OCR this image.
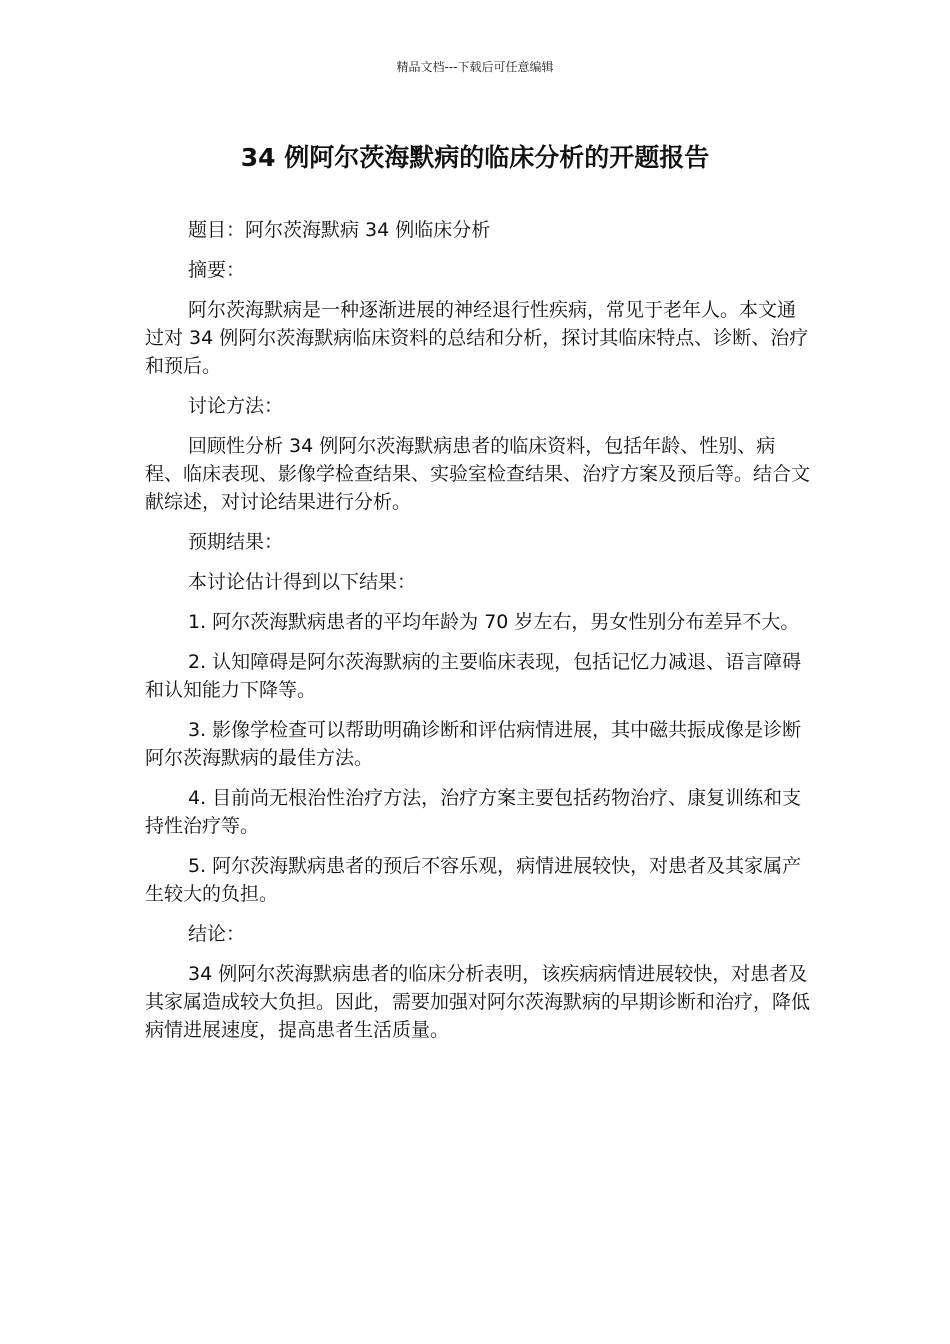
精品文档---下载后可任意编辑
34 例阿尔茨海默病的临床分析的开题报告

题目：阿尔茨海默病 34 例临床分析

摘要：

阿尔茨海默病是一种逐渐进展的神经退行性疾病，常见于老年人。本文通过对 34 例阿尔茨海默病临床资料的总结和分析，探讨其临床特点、诊断、治疗和预后。

讨论方法：

回顾性分析 34 例阿尔茨海默病患者的临床资料，包括年龄、性别、病程、临床表现、影像学检查结果、实验室检查结果、治疗方案及预后等。结合文献综述，对讨论结果进行分析。

预期结果：

本讨论估计得到以下结果：

1. 阿尔茨海默病患者的平均年龄为 70 岁左右，男女性别分布差异不大。

2. 认知障碍是阿尔茨海默病的主要临床表现，包括记忆力减退、语言障碍和认知能力下降等。

3. 影像学检查可以帮助明确诊断和评估病情进展，其中磁共振成像是诊断阿尔茨海默病的最佳方法。

4. 目前尚无根治性治疗方法，治疗方案主要包括药物治疗、康复训练和支持性治疗等。

5. 阿尔茨海默病患者的预后不容乐观，病情进展较快，对患者及其家属产生较大的负担。

结论：

34 例阿尔茨海默病患者的临床分析表明，该疾病病情进展较快，对患者及其家属造成较大负担。因此，需要加强对阿尔茨海默病的早期诊断和治疗，降低病情进展速度，提高患者生活质量。
